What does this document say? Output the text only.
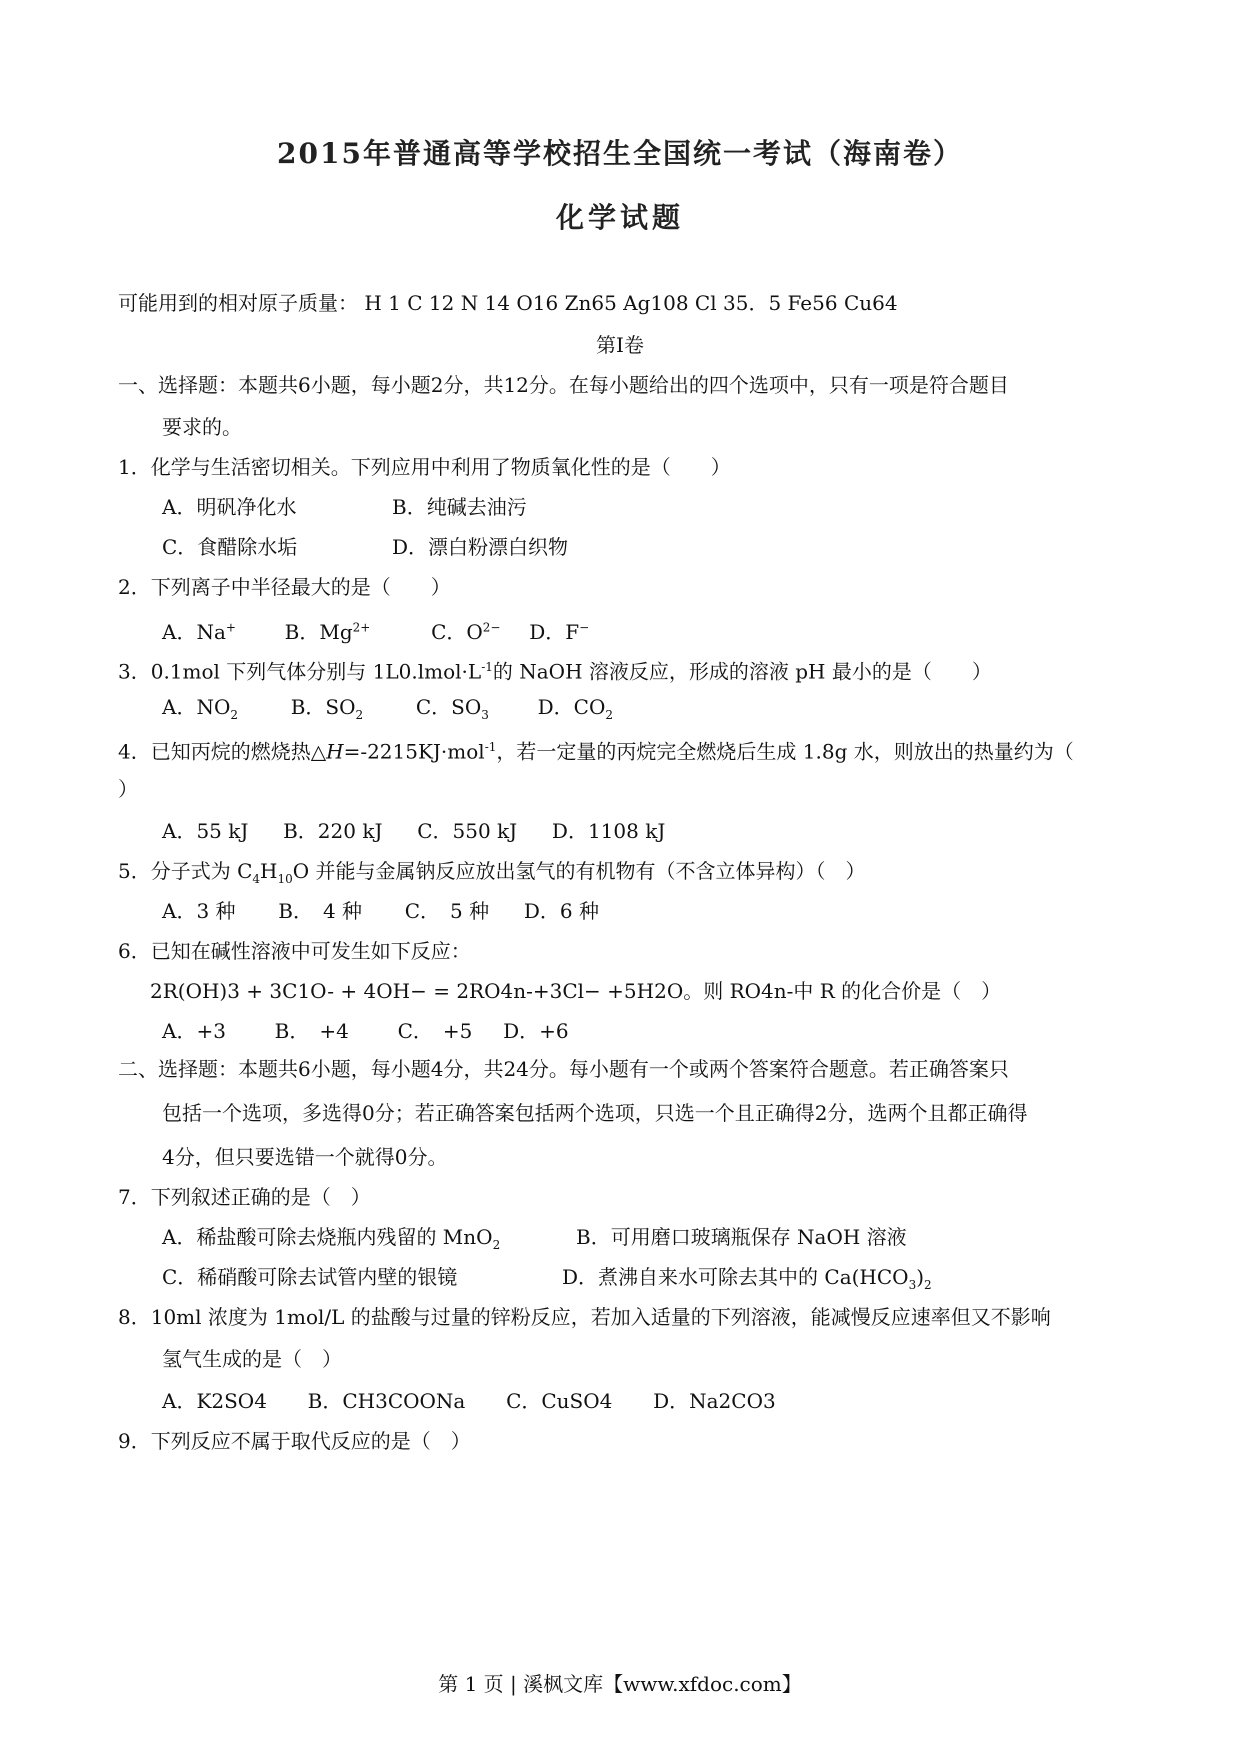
2015年普通高等学校招生全国统一考试（海南卷）
化学试题
可能用到的相对原子质量： H 1 C 12 N 14 O16 Zn65 Ag108 Cl 35．5 Fe56 Cu64
第Ⅰ卷
一、选择题：本题共6小题，每小题2分，共12分。在每小题给出的四个选项中，只有一项是符合题目
要求的。
1．化学与生活密切相关。下列应用中利用了物质氧化性的是（　　）
A．明矾净化水	B．纯碱去油污
C．食醋除水垢	D．漂白粉漂白织物
2．下列离子中半径最大的是（　　）
A．Na+ B．$Mg^{2+}$	C．$O^{2-}$ D．F−
3．0.1mol 下列气体分别与 $1L0.lmol\cdot L^{-1}$的 NaOH 溶液反应，形成的溶液 pH 最小的是（　　）
A．$NO_2$	B．$SO_2$	C．$SO_3$ D．$CO_2$
4．已知丙烷的燃烧热△H=-2215KJ·mol$^{-1}$，若一定量的丙烷完全燃烧后生成 1.8g 水，则放出的热量约为（
）
A．55 kJ B．220 kJ C．550 kJ D．1108 kJ
5．分子式为 $C_4H_{10}O$ 并能与金属钠反应放出氢气的有机物有（不含立体异构）（　）
A．3 种 B．　4 种 C．　5 种 D．6 种
6．已知在碱性溶液中可发生如下反应：
2R(OH)3 + 3C1O- + 4OH− = 2RO4n-+3Cl− +5H2O。则 RO4n-中 R 的化合价是（　）
A．+3 B．　+4 C．　+5 D．+6
二、选择题：本题共6小题，每小题4分，共24分。每小题有一个或两个答案符合题意。若正确答案只
包括一个选项，多选得0分；若正确答案包括两个选项，只选一个且正确得2分，选两个且都正确得
4分，但只要选错一个就得0分。
7．下列叙述正确的是（　）
A．稀盐酸可除去烧瓶内残留的 MnO$_2$	B．可用磨口玻璃瓶保存 NaOH 溶液
C．稀硝酸可除去试管内壁的银镜	D．煮沸自来水可除去其中的 $Ca(HCO_3)_2$
8．10ml 浓度为 1mol/L 的盐酸与过量的锌粉反应，若加入适量的下列溶液，能减慢反应速率但又不影响
氢气生成的是（　）
A．K2SO4 B．CH3COONa C．CuSO4 D．Na2CO3
9．下列反应不属于取代反应的是（　）
第 1 页 | 溪枫文库【www.xfdoc.com】
